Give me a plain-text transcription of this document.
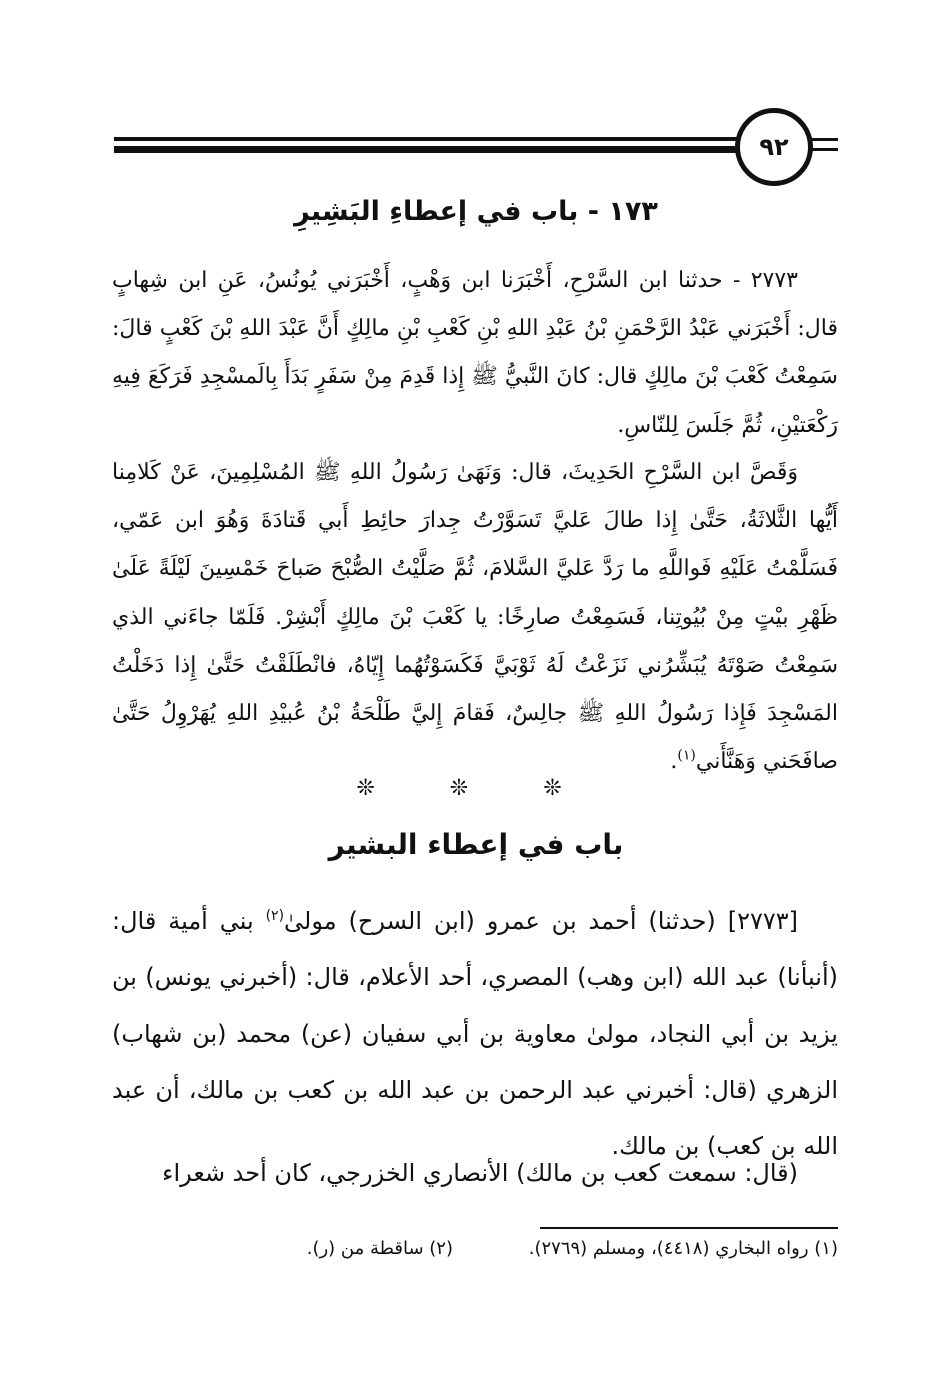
٩٢
١٧٣ - باب في إعطاءِ البَشِيرِ
٢٧٧٣ - حدثنا ابن السَّرْحِ، أَخْبَرَنا ابن وَهْبٍ، أَخْبَرَني يُونُسُ، عَنِ ابن شِهابٍ قال: أَخْبَرَني عَبْدُ الرَّحْمَنِ بْنُ عَبْدِ اللهِ بْنِ كَعْبِ بْنِ مالِكٍ أَنَّ عَبْدَ اللهِ بْنَ كَعْبٍ قالَ: سَمِعْتُ كَعْبَ بْنَ مالِكٍ قال: كانَ النَّبيُّ ﷺ إِذا قَدِمَ مِنْ سَفَرٍ بَدَأَ بِالَمسْجِدِ فَرَكَعَ فِيهِ رَكْعَتيْنِ، ثُمَّ جَلَسَ لِلنّاسِ.
وَقَصَّ ابن السَّرْحِ الحَدِيثَ، قال: وَنَهَىٰ رَسُولُ اللهِ ﷺ المُسْلِمِينَ، عَنْ كَلامِنا أَيُّها الثَّلاثَةُ، حَتَّىٰ إِذا طالَ عَليَّ تَسَوَّرْتُ جِدارَ حائِطِ أَبي قَتادَةَ وَهُوَ ابن عَمّي، فَسَلَّمْتُ عَلَيْهِ فَواللَّهِ ما رَدَّ عَليَّ السَّلامَ، ثُمَّ صَلَّيْتُ الصُّبْحَ صَباحَ خَمْسِينَ لَيْلَةً عَلَىٰ ظَهْرِ بيْتٍ مِنْ بُيُوتِنا، فَسَمِعْتُ صارِخًا: يا كَعْبَ بْنَ مالِكٍ أَبْشِرْ. فَلَمّا جاءَني الذي سَمِعْتُ صَوْتَهُ يُبَشِّرُني نَزَعْتُ لَهُ ثَوْبَيَّ فَكَسَوْتُهُما إِيّاهُ، فانْطَلَقْتُ حَتَّىٰ إِذا دَخَلْتُ المَسْجِدَ فَإِذا رَسُولُ اللهِ ﷺ جالِسٌ، فَقامَ إِليَّ طَلْحَةُ بْنُ عُبيْدِ اللهِ يُهَرْوِلُ حَتَّىٰ صافَحَني وَهَنَّأَني$^{(١)}$.
❊ ❊ ❊
باب في إعطاء البشير
[٢٧٧٣] (حدثنا) أحمد بن عمرو (ابن السرح) مولىٰ$^{(٢)}$ بني أمية قال: (أنبأنا) عبد الله (ابن وهب) المصري، أحد الأعلام، قال: (أخبرني يونس) بن يزيد بن أبي النجاد، مولىٰ معاوية بن أبي سفيان (عن) محمد (بن شهاب) الزهري (قال: أخبرني عبد الرحمن بن عبد الله بن كعب بن مالك، أن عبد الله بن كعب) بن مالك.
(قال: سمعت كعب بن مالك) الأنصاري الخزرجي، كان أحد شعراء
(١) رواه البخاري (٤٤١٨)، ومسلم (٢٧٦٩). (٢) ساقطة من (ر).
